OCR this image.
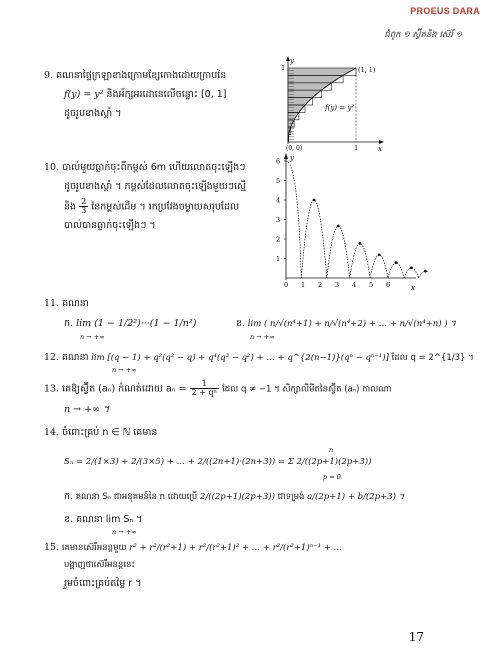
PROEUS DARA
ជំពូក ១ ស្វ៊ីតនិង ស៊េរី ១
9. គណនាផ្ទៃក្រឡាខាងក្រោមខ្សែកោងដោយក្រាបនៃ
f(y) = y² និងអ័ក្សអរដោនេលើចន្លោះ [0, 1]
ដូចរូបខាងស្តាំ ។
y
x
1
1
(0, 0)
(1, 1)
f(y) = y²
10. បាល់មួយធ្លាក់ចុះពីកម្ពស់ 6m ហើយលោតចុះឡើងៗ
ដូចរូបខាងស្តាំ ។ កម្ពស់ដែលលោតចុះឡើងមួយៗស្មើ
និង $\frac{2}{3}$ នៃកម្ពស់ដើម ។ រកប្រវែងចម្ងាយសរុបដែល
បាល់បានធ្លាក់ចុះឡើងៗ ។
1
2
3
4
5
6
0 1 2 3 4 5 6
y
x
11. គណនា
ក. lim (1 − 1/2²)···(1 − 1/n²)
n → +∞
ខ. lim ( n/√(n⁴+1) + n/√(n⁴+2) + … + n/√(n⁴+n) ) ។
n → +∞
12. គណនា lim [(q − 1) + q²(q² − q) + q⁴(q³ − q²) + … + q^{2(n−1)}(qⁿ − qⁿ⁻¹)] ដែល q = 2^{1/3} ។
n → +∞
13. គេឱ្យស្វ៊ីត (aₙ) កំណត់ដោយ $a_n = \frac{1}{\text{2 + qⁿ}}$ ដែល q ≠ −1 ។ សិក្សាលីមីតនៃស្វ៊ីត (aₙ) កាលណា
n → +∞ ។
14. ចំពោះគ្រប់ n ∈ ℕ គេមាន
n
Sₙ = 2/(1×3) + 2/(3×5) + … + 2/((2n+1)·(2n+3)) = Σ 2/((2p+1)(2p+3))
p = 0
ក. គណនា Sₙ ជាអនុគមន៍នៃ n ដោយប្រើ 2/((2p+1)(2p+3)) ជាទម្រង់ a/(2p+1) + b/(2p+3) ។
ខ. គណនា lim Sₙ ។
n → +∞
15. គេមានស៊េរីអនន្តមួយ r² + r²/(r²+1) + r²/(r²+1)² + … + r²/(r²+1)ⁿ⁻¹ + …
បង្ហាញថាស៊េរីអនន្តនេះ
រួមចំពោះគ្រប់តម្លៃ r ។
17
